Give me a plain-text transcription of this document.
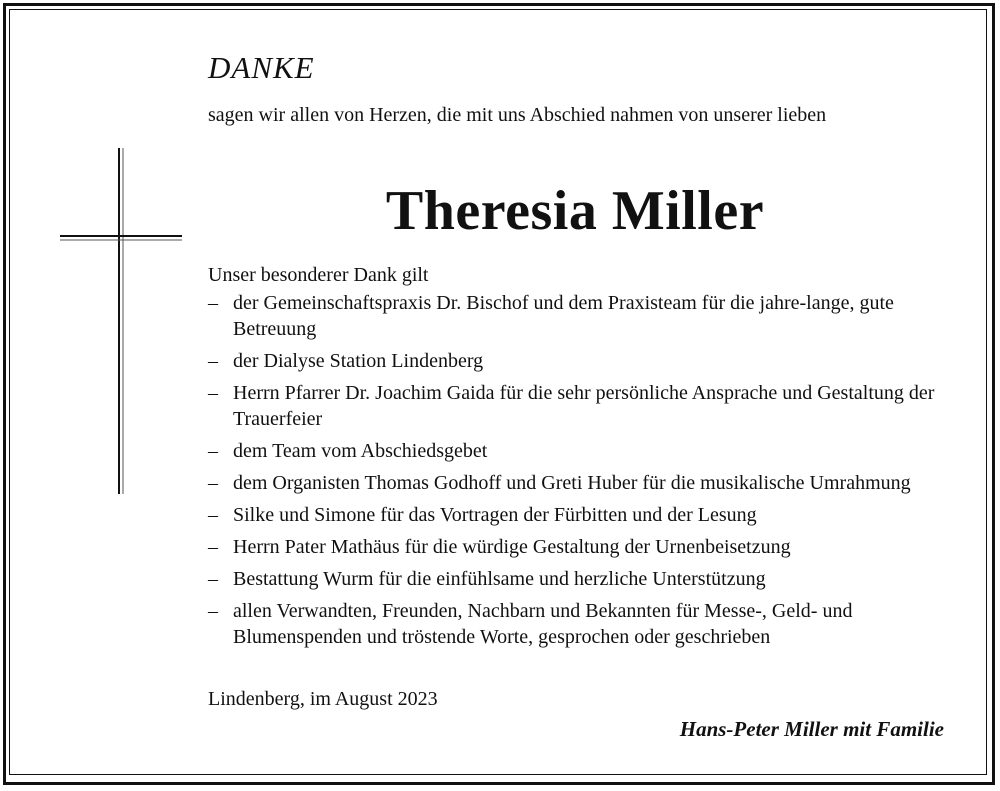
DANKE

sagen wir allen von Herzen, die mit uns Abschied nahmen von unserer lieben

Theresia Miller

Unser besonderer Dank gilt

– der Gemeinschaftspraxis Dr. Bischof und dem Praxisteam für die jahre-lange, gute Betreuung
– der Dialyse Station Lindenberg
– Herrn Pfarrer Dr. Joachim Gaida für die sehr persönliche Ansprache und Gestaltung der Trauerfeier
– dem Team vom Abschiedsgebet
– dem Organisten Thomas Godhoff und Greti Huber für die musikalische Umrahmung
– Silke und Simone für das Vortragen der Fürbitten und der Lesung
– Herrn Pater Mathäus für die würdige Gestaltung der Urnenbeisetzung
– Bestattung Wurm für die einfühlsame und herzliche Unterstützung
– allen Verwandten, Freunden, Nachbarn und Bekannten für Messe-, Geld- und Blumenspenden und tröstende Worte, gesprochen oder geschrieben

Lindenberg, im August 2023

Hans-Peter Miller mit Familie
